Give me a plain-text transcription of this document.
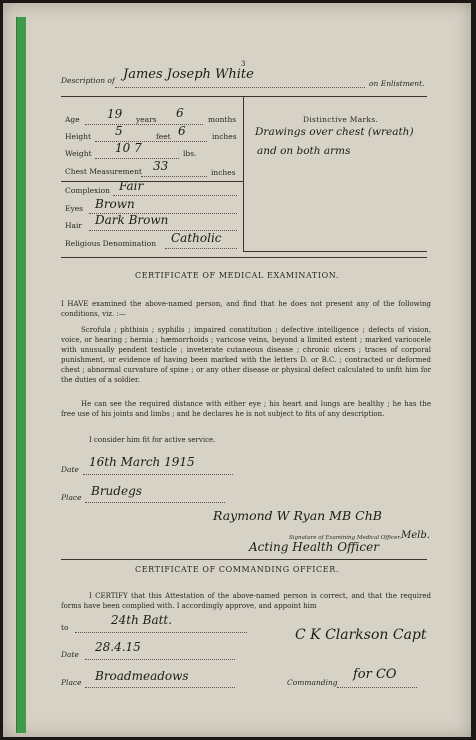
3
Description of James Joseph White
on Enlistment.
Age 19 years 6	months
Height 5	feet 6	inches
Weight 10 7	lbs.
Chest Measurement 33	inches
Complexion Fair
Eyes Brown
Hair Dark Brown
Religious Denomination Catholic
Distinctive Marks.
Drawings over chest (wreath)
and on both arms
CERTIFICATE OF MEDICAL EXAMINATION.
I HAVE examined the above-named person, and find that he does not present any of the following conditions, viz. :—
Scrofula ; phthisis ; syphilis ; impaired constitution ; defective intelligence ; defects of vision, voice, or hearing ; hernia ; hæmorrhoids ; varicose veins, beyond a limited extent ; marked varicocele with unusually pendent testicle ; inveterate cutaneous disease ; chronic ulcers ; traces of corporal punishment, or evidence of having been marked with the letters D. or B.C. ; contracted or deformed chest ; abnormal curvature of spine ; or any other disease or physical defect calculated to unfit him for the duties of a soldier.
He can see the required distance with either eye ; his heart and lungs are healthy ; he has the free use of his joints and limbs ; and he declares he is not subject to fits of any description.
I consider him fit for active service.
Date
16th March 1915
Place Brudegs
Raymond W Ryan MB ChB
Melb.
Signature of Examining Medical Officer.
Acting Health Officer
CERTIFICATE OF COMMANDING OFFICER.
I CERTIFY that this Attestation of the above-named person is correct, and that the required forms have been complied with. I accordingly approve, and appoint him
to
24th Batt.
Date
28.4.15
C K Clarkson Capt
Place Broadmeadows	Commanding
for CO
